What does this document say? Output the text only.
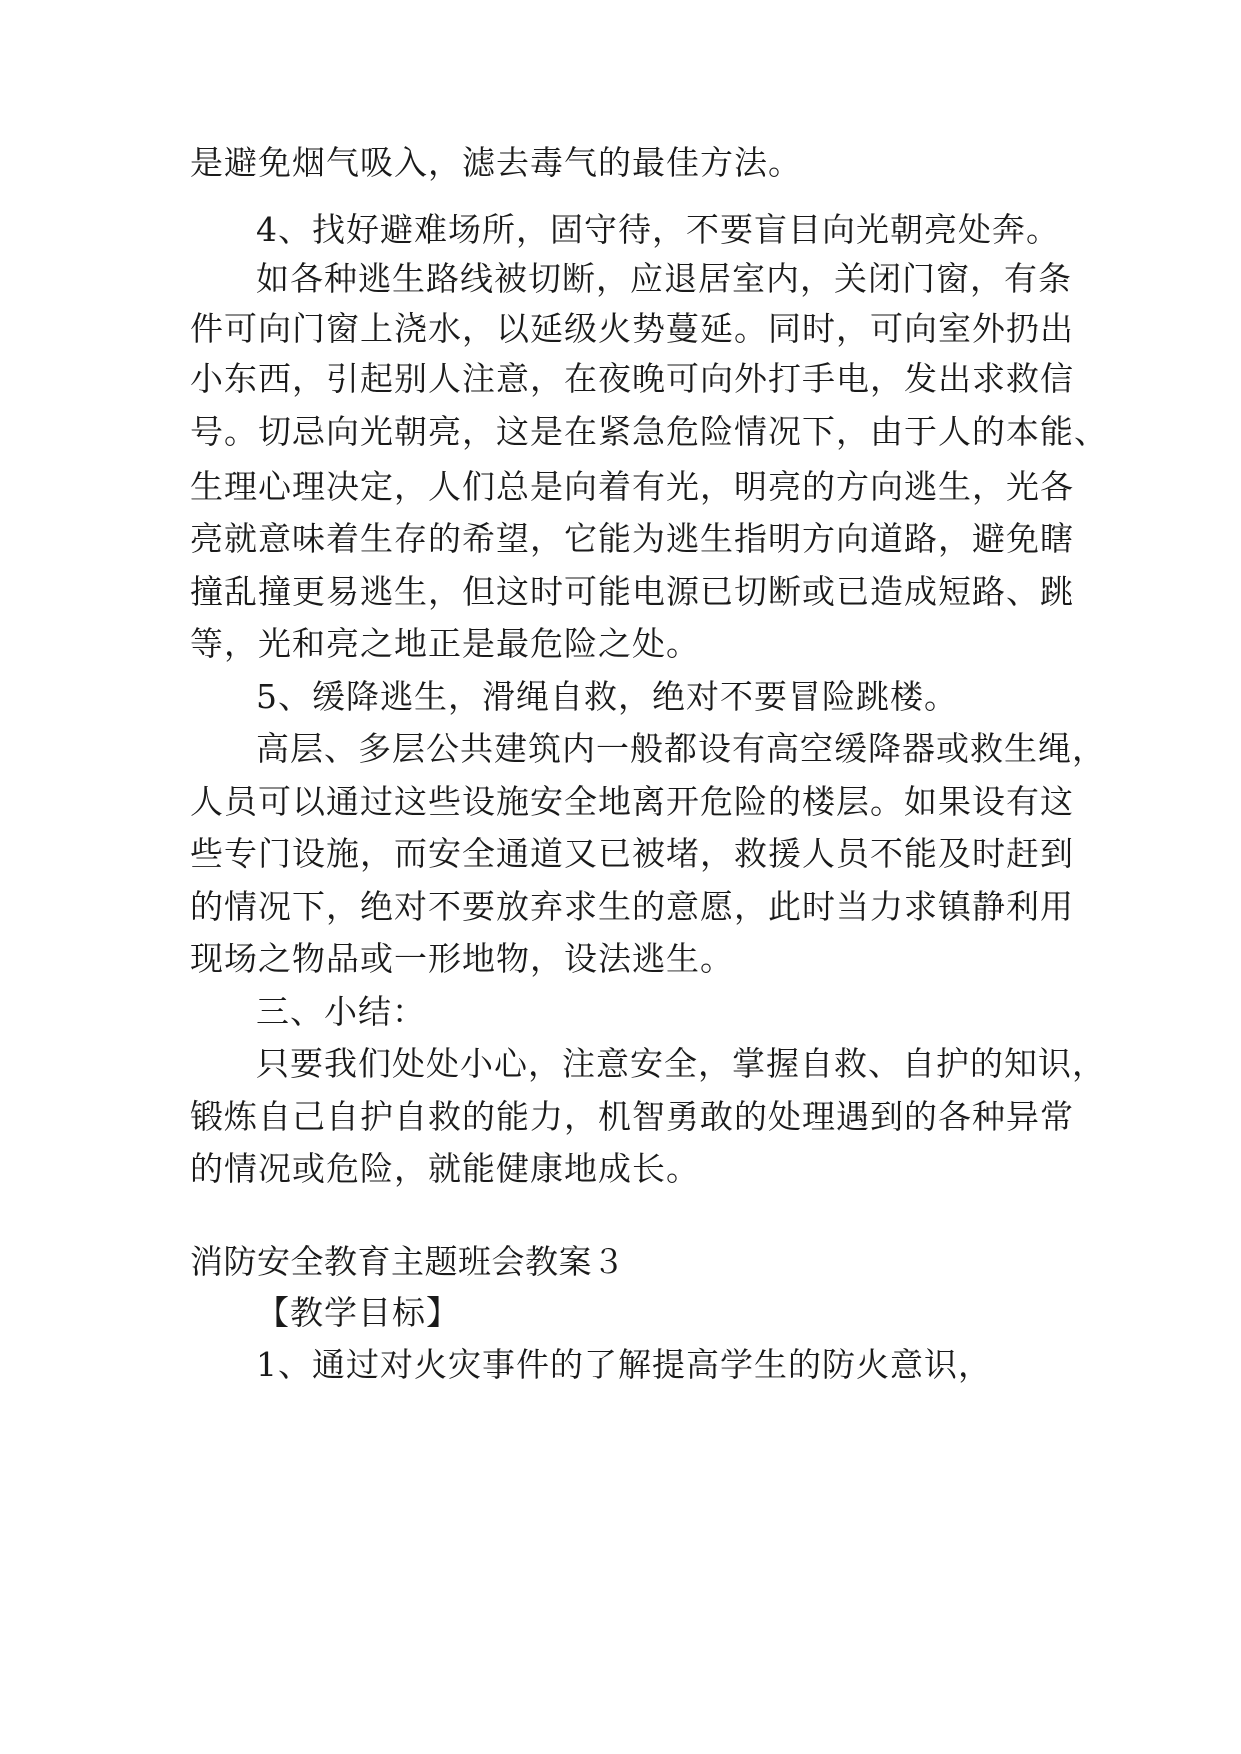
是避免烟气吸入，滤去毒气的最佳方法。
4、找好避难场所，固守待，不要盲目向光朝亮处奔。
如各种逃生路线被切断，应退居室内，关闭门窗，有条
件可向门窗上浇水，以延级火势蔓延。同时，可向室外扔出
小东西，引起别人注意，在夜晚可向外打手电，发出求救信
号。切忌向光朝亮，这是在紧急危险情况下，由于人的本能、
生理心理决定，人们总是向着有光，明亮的方向逃生，光各
亮就意味着生存的希望，它能为逃生指明方向道路，避免瞎
撞乱撞更易逃生，但这时可能电源已切断或已造成短路、跳
等，光和亮之地正是最危险之处。
5、缓降逃生，滑绳自救，绝对不要冒险跳楼。
高层、多层公共建筑内一般都设有高空缓降器或救生绳，
人员可以通过这些设施安全地离开危险的楼层。如果设有这
些专门设施，而安全通道又已被堵，救援人员不能及时赶到
的情况下，绝对不要放弃求生的意愿，此时当力求镇静利用
现场之物品或一形地物，设法逃生。
三、小结：
只要我们处处小心，注意安全，掌握自救、自护的知识，
锻炼自己自护自救的能力，机智勇敢的处理遇到的各种异常
的情况或危险，就能健康地成长。
消防安全教育主题班会教案３
【教学目标】
1、通过对火灾事件的了解提高学生的防火意识，
